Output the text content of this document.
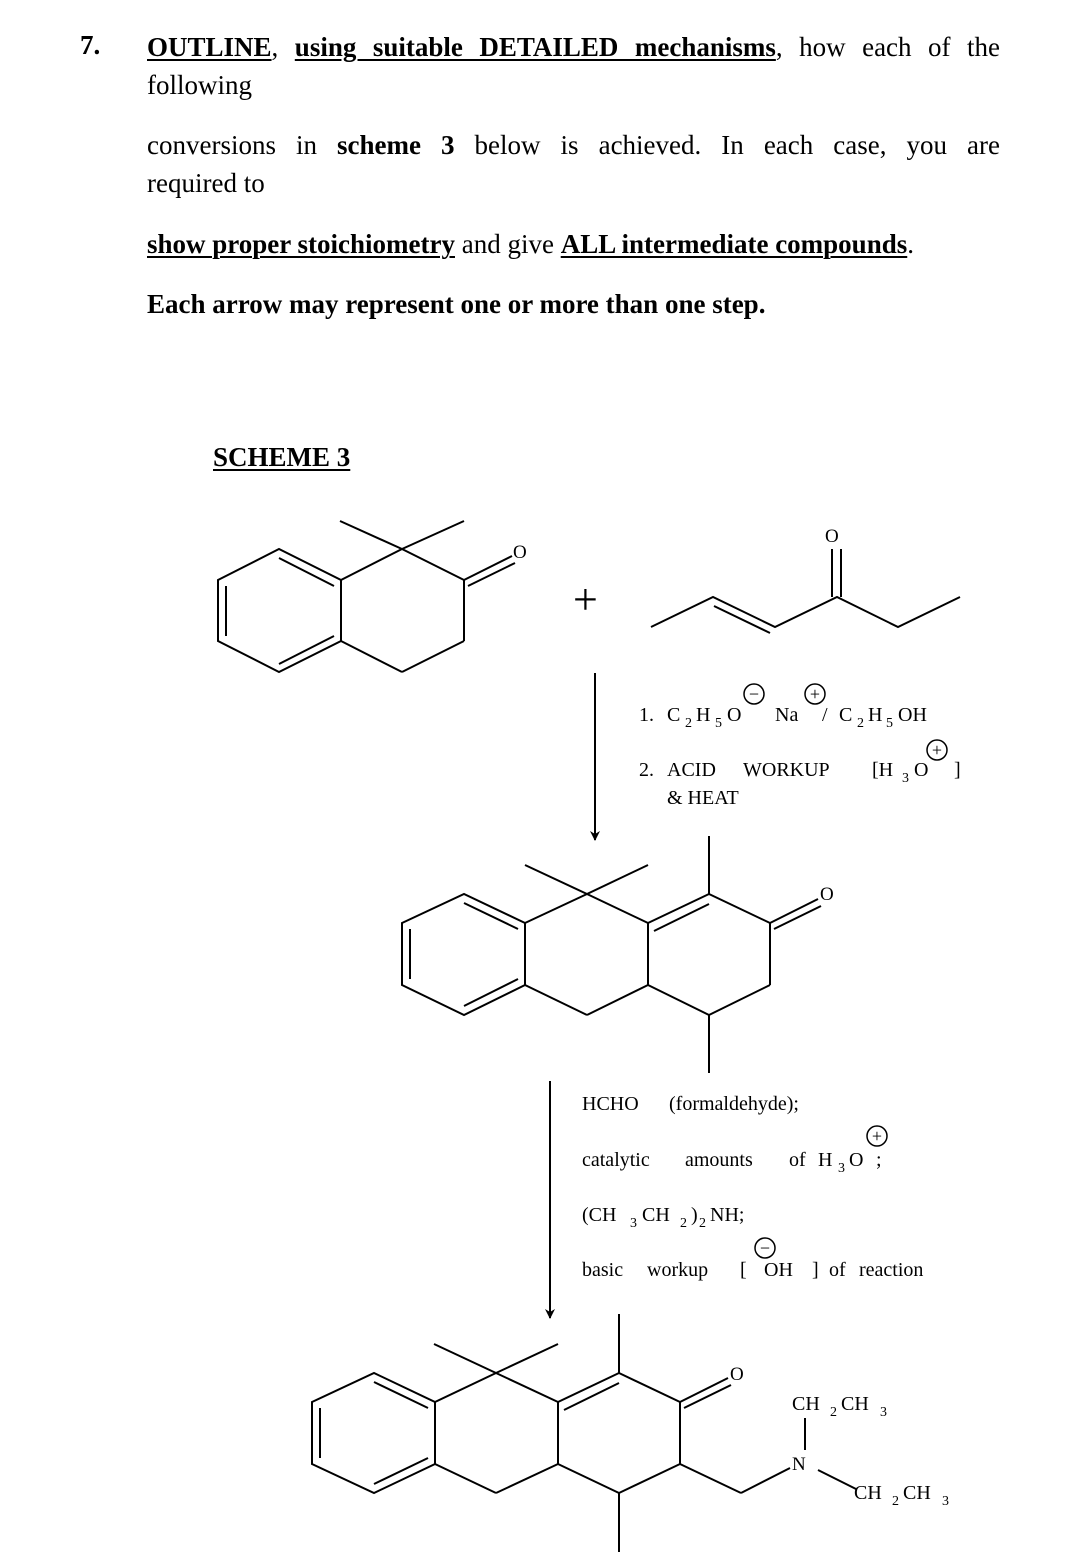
7. OUTLINE, using suitable DETAILED mechanisms, how each of the
following
conversions in scheme 3 below is achieved. In each case, you are
required to
show proper stoichiometry and give ALL intermediate compounds.
Each arrow may represent one or more than one step.
SCHEME 3
O
+
O
1. C 2 H 5 O
−
Na
+
/ C 2 H 5 OH
2. ACID WORKUP [H 3 O
+
]
& HEAT
O
HCHO (formaldehyde);
catalytic amounts of H 3 O
+
;
(CH 3 CH 2 ) 2 NH;
basic workup [ OH
−
] of reaction
O
N
CH 2 CH 3
CH 2 CH 3
